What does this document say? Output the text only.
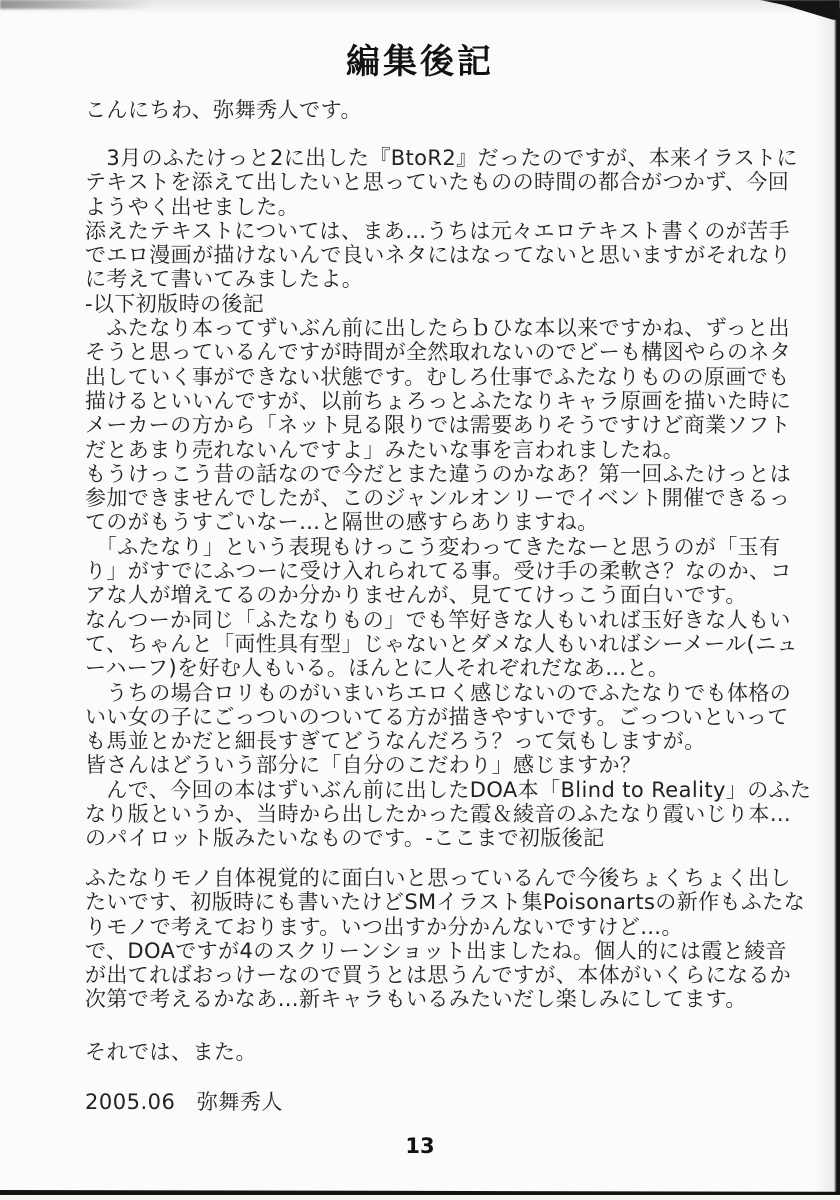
編集後記
こんにちわ、弥舞秀人です。
　3月のふたけっと2に出した『BtoR2』だったのですが、本来イラストに
テキストを添えて出したいと思っていたものの時間の都合がつかず、今回
ようやく出せました。
添えたテキストについては、まあ…うちは元々エロテキスト書くのが苦手
でエロ漫画が描けないんで良いネタにはなってないと思いますがそれなり
に考えて書いてみましたよ。
-以下初版時の後記
　ふたなり本ってずいぶん前に出したらｂひな本以来ですかね、ずっと出
そうと思っているんですが時間が全然取れないのでどーも構図やらのネタ
出していく事ができない状態です。むしろ仕事でふたなりものの原画でも
描けるといいんですが、以前ちょろっとふたなりキャラ原画を描いた時に
メーカーの方から「ネット見る限りでは需要ありそうですけど商業ソフト
だとあまり売れないんですよ」みたいな事を言われましたね。
もうけっこう昔の話なので今だとまた違うのかなあ？第一回ふたけっとは
参加できませんでしたが、このジャンルオンリーでイベント開催できるっ
てのがもうすごいなー…と隔世の感すらありますね。
　「ふたなり」という表現もけっこう変わってきたなーと思うのが「玉有
り」がすでにふつーに受け入れられてる事。受け手の柔軟さ？なのか、コ
アな人が増えてるのか分かりませんが、見ててけっこう面白いです。
なんつーか同じ「ふたなりもの」でも竿好きな人もいれば玉好きな人もい
て、ちゃんと「両性具有型」じゃないとダメな人もいればシーメール(ニュ
ーハーフ)を好む人もいる。ほんとに人それぞれだなあ…と。
　うちの場合ロリものがいまいちエロく感じないのでふたなりでも体格の
いい女の子にごっついのついてる方が描きやすいです。ごっついといって
も馬並とかだと細長すぎてどうなんだろう？って気もしますが。
皆さんはどういう部分に「自分のこだわり」感じますか？
　んで、今回の本はずいぶん前に出したDOA本「Blind to Reality」のふた
なり版というか、当時から出したかった霞＆綾音のふたなり霞いじり本…
のパイロット版みたいなものです。-ここまで初版後記
ふたなりモノ自体視覚的に面白いと思っているんで今後ちょくちょく出し
たいです、初版時にも書いたけどSMイラスト集Poisonartsの新作もふたな
りモノで考えております。いつ出すか分かんないですけど…。
で、DOAですが4のスクリーンショット出ましたね。個人的には霞と綾音
が出てればおっけーなので買うとは思うんですが、本体がいくらになるか
次第で考えるかなあ…新キャラもいるみたいだし楽しみにしてます。
それでは、また。
2005.06　弥舞秀人
13
